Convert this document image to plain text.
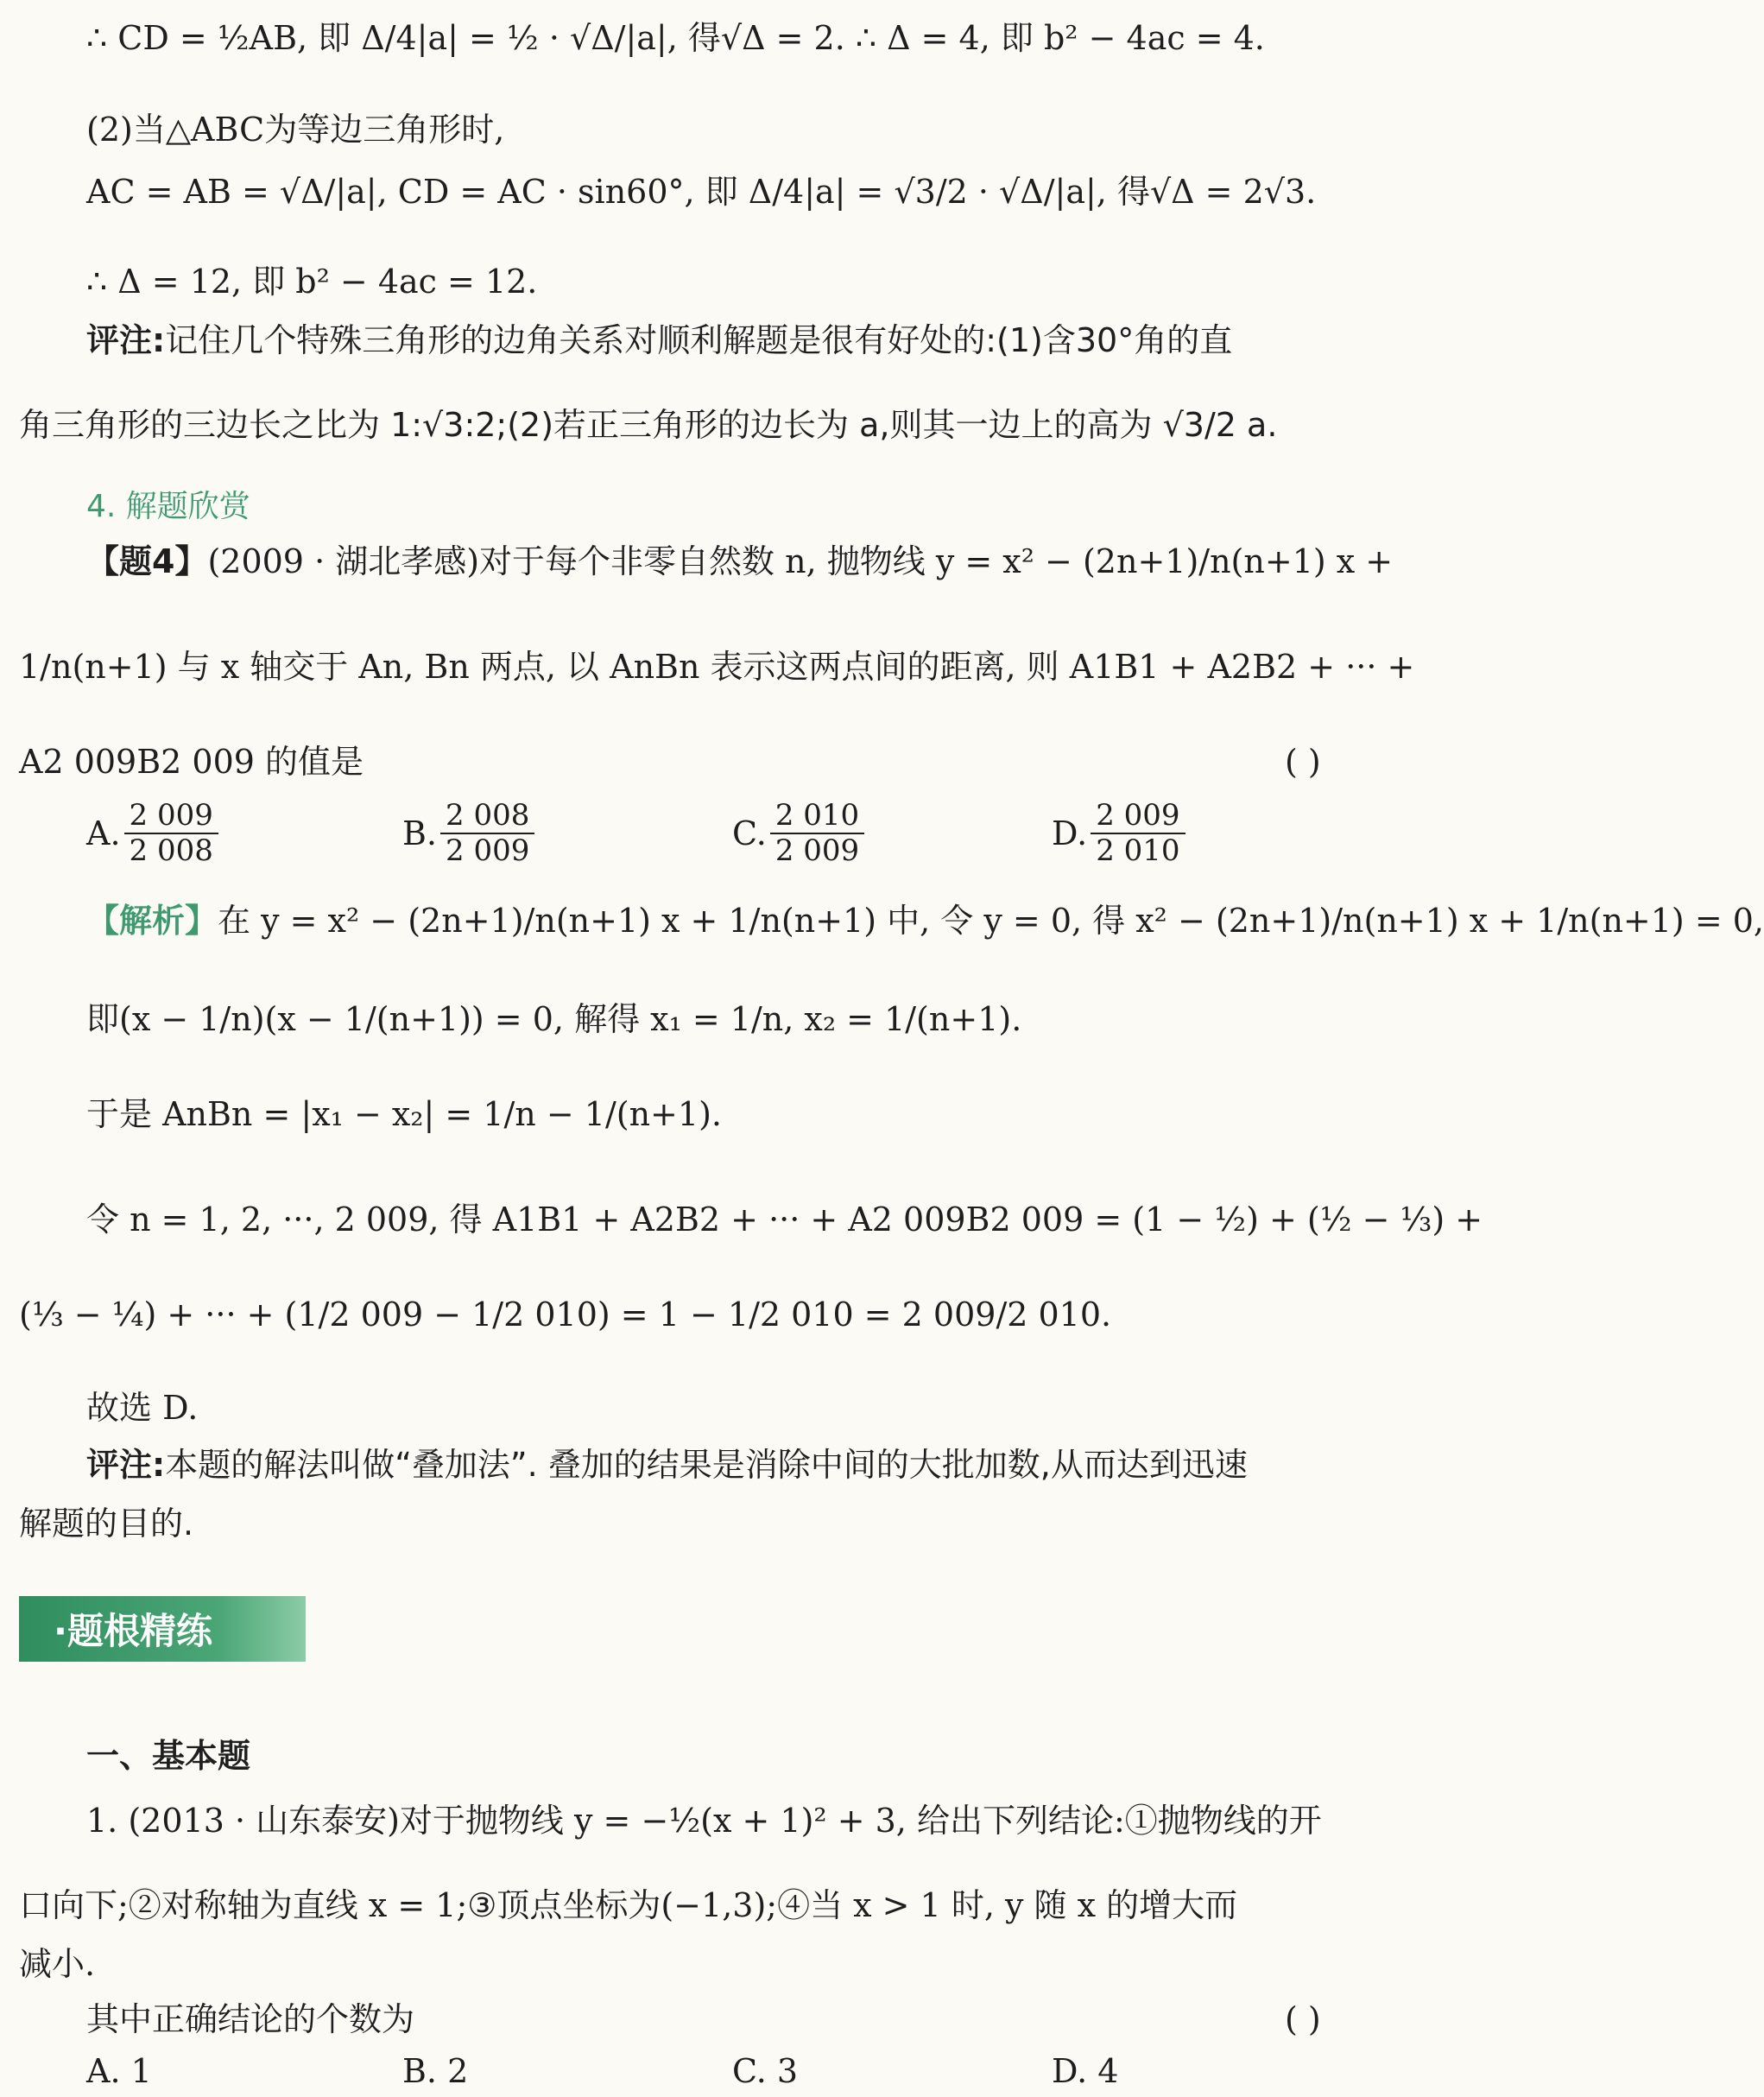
∴ CD = ½AB, 即 Δ/4|a| = ½ · √Δ/|a|, 得√Δ = 2. ∴ Δ = 4, 即 b² − 4ac = 4.
(2)当△ABC为等边三角形时,
AC = AB = √Δ/|a|, CD = AC · sin60°, 即 Δ/4|a| = √3/2 · √Δ/|a|, 得√Δ = 2√3.
∴ Δ = 12, 即 b² − 4ac = 12.
评注:记住几个特殊三角形的边角关系对顺利解题是很有好处的:(1)含30°角的直
角三角形的三边长之比为 1:√3:2;(2)若正三角形的边长为 a,则其一边上的高为 √3/2 a.
4. 解题欣赏
【题4】(2009 · 湖北孝感)对于每个非零自然数 n, 抛物线 y = x² − (2n+1)/n(n+1) x +
1/n(n+1) 与 x 轴交于 An, Bn 两点, 以 AnBn 表示这两点间的距离, 则 A1B1 + A2B2 + ··· +
A2 009B2 009 的值是	( )
A. $\frac{2 009}{2 008}$	B. $\frac{2 008}{2 009}$	C. $\frac{2 010}{2 009}$	D. $\frac{2 009}{2 010}$
【解析】在 y = x² − (2n+1)/n(n+1) x + 1/n(n+1) 中, 令 y = 0, 得 x² − (2n+1)/n(n+1) x + 1/n(n+1) = 0,
即(x − 1/n)(x − 1/(n+1)) = 0, 解得 x₁ = 1/n, x₂ = 1/(n+1).
于是 AnBn = |x₁ − x₂| = 1/n − 1/(n+1).
令 n = 1, 2, ···, 2 009, 得 A1B1 + A2B2 + ··· + A2 009B2 009 = (1 − ½) + (½ − ⅓) +
(⅓ − ¼) + ··· + (1/2 009 − 1/2 010) = 1 − 1/2 010 = 2 009/2 010.
故选 D.
评注:本题的解法叫做“叠加法”. 叠加的结果是消除中间的大批加数,从而达到迅速
解题的目的.
·题根精练
一、基本题
1. (2013 · 山东泰安)对于抛物线 y = −½(x + 1)² + 3, 给出下列结论:①抛物线的开
口向下;②对称轴为直线 x = 1;③顶点坐标为(−1,3);④当 x > 1 时, y 随 x 的增大而
减小.
其中正确结论的个数为	( )
A. 1	B. 2	C. 3	D. 4
